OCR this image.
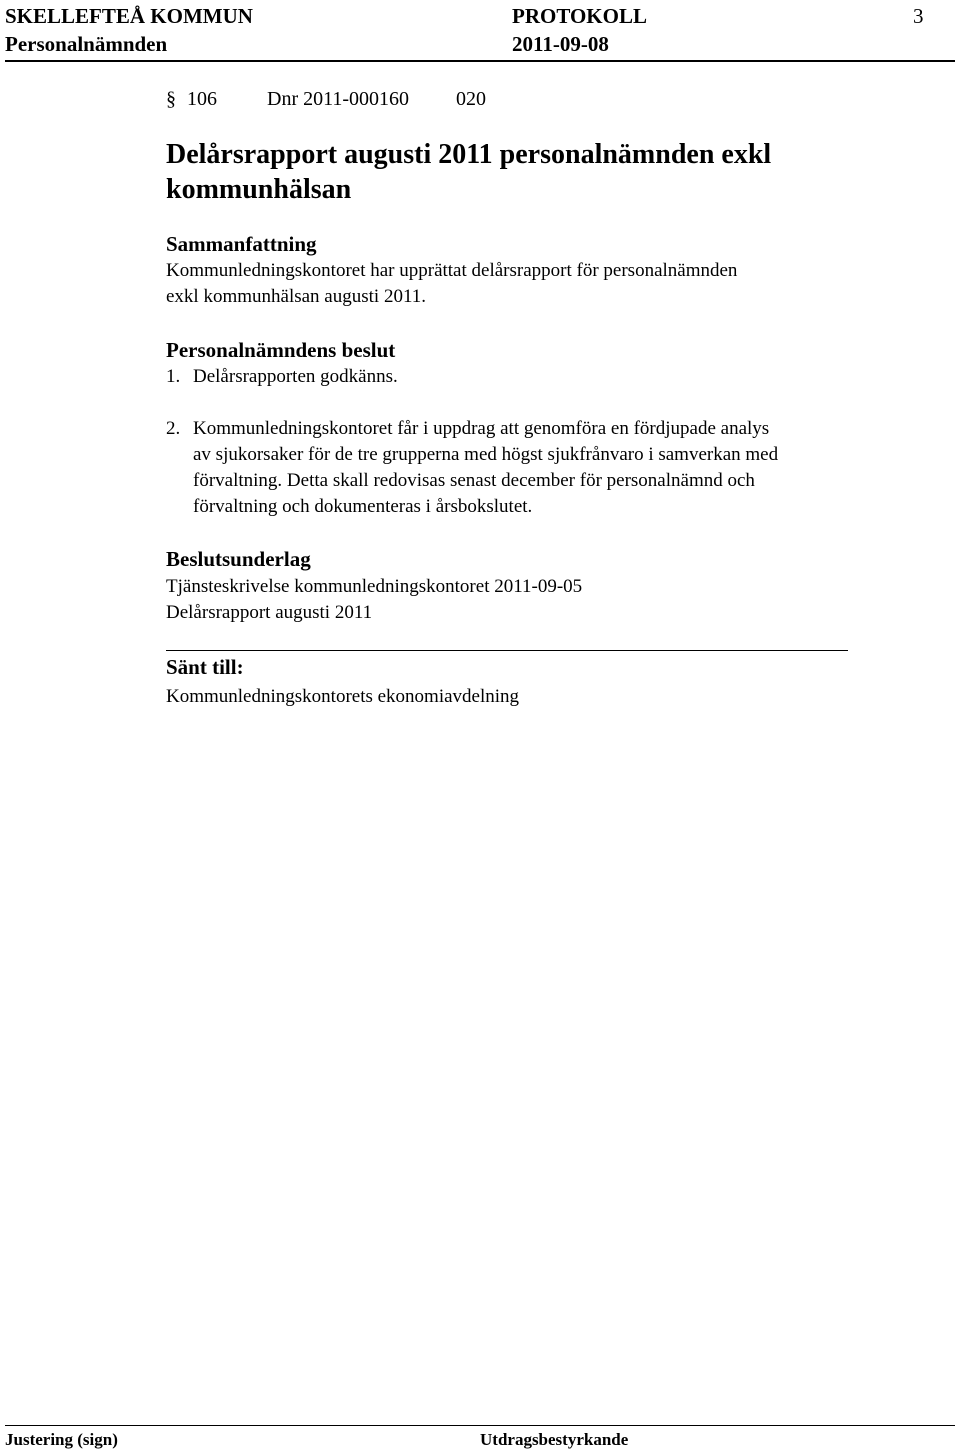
SKELLEFTEÅ KOMMUN	PROTOKOLL	3
Personalnämnden	2011-09-08
§ 106	Dnr 2011-000160 020
Delårsrapport augusti 2011 personalnämnden exkl
kommunhälsan
Sammanfattning
Kommunledningskontoret har upprättat delårsrapport för personalnämnden
exkl kommunhälsan augusti 2011.
Personalnämndens beslut
1. Delårsrapporten godkänns.
2. Kommunledningskontoret får i uppdrag att genomföra en fördjupade analys
av sjukorsaker för de tre grupperna med högst sjukfrånvaro i samverkan med
förvaltning. Detta skall redovisas senast december för personalnämnd och
förvaltning och dokumenteras i årsbokslutet.
Beslutsunderlag
Tjänsteskrivelse kommunledningskontoret 2011-09-05
Delårsrapport augusti 2011
Sänt till:
Kommunledningskontorets ekonomiavdelning
Justering (sign)	Utdragsbestyrkande
